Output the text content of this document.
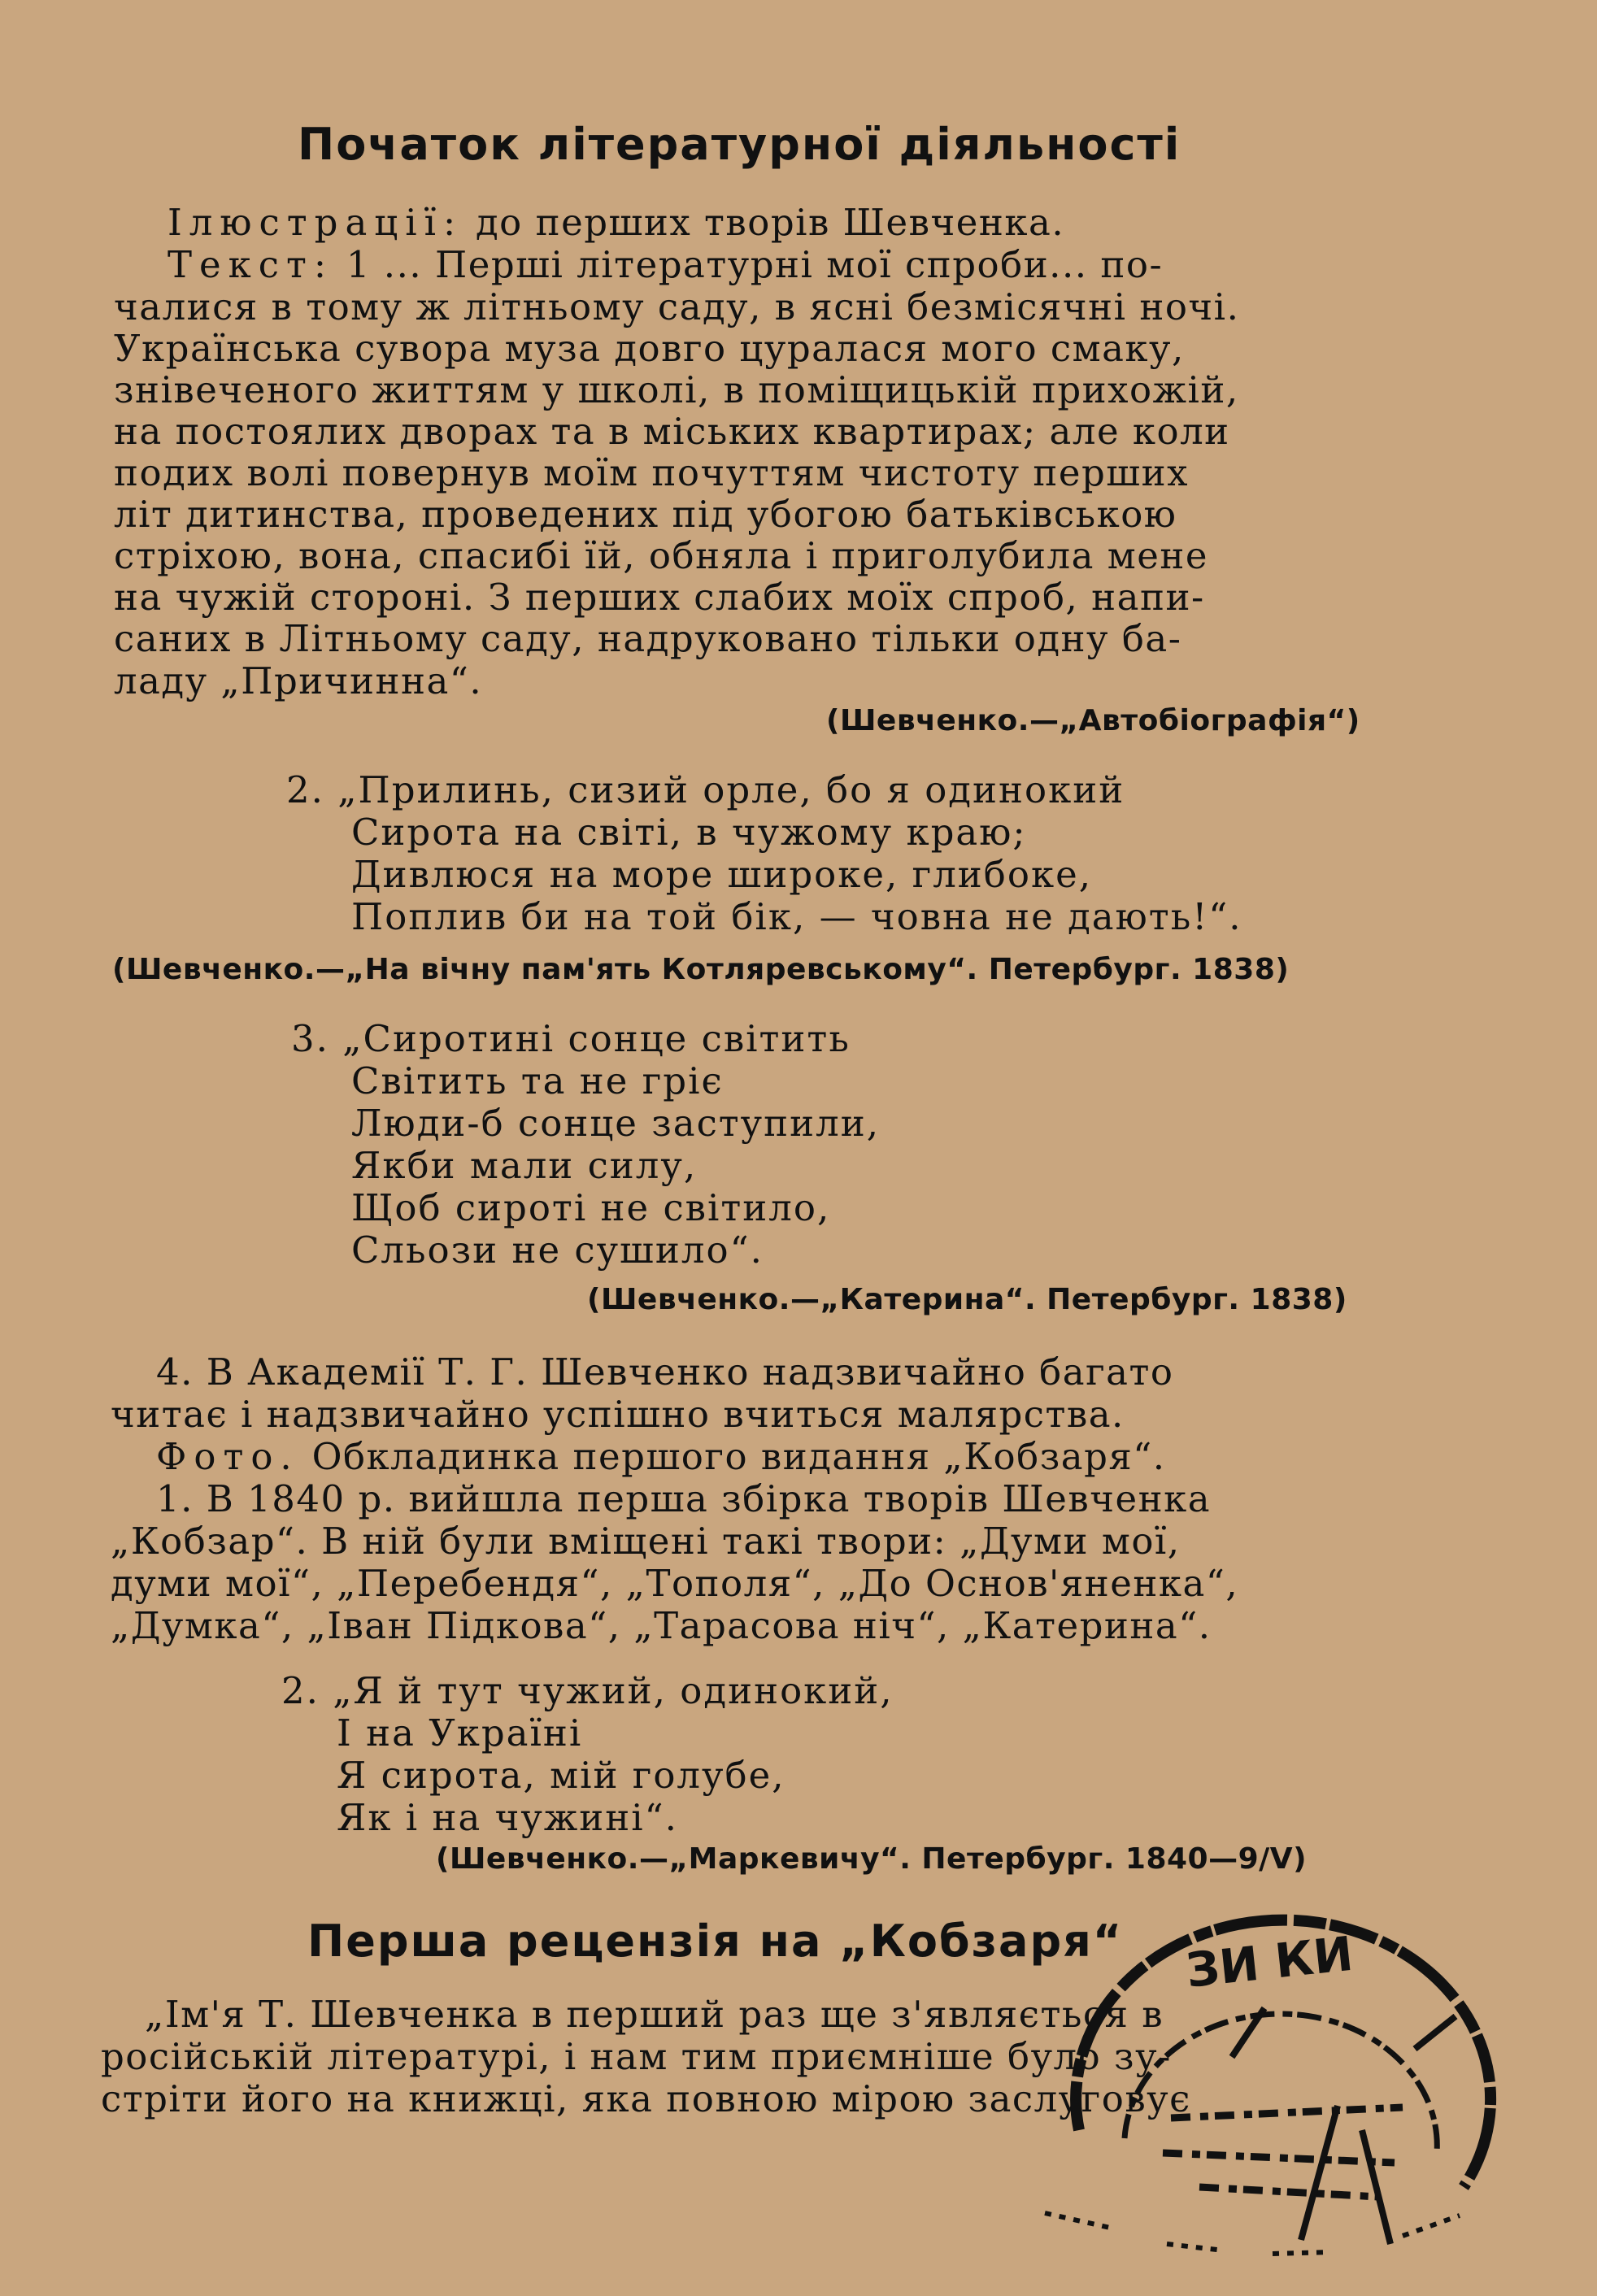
Початок літературної діяльності
Ілюстрації: до перших творів Шевченка.
Текст: 1 ... Перші літературні мої спроби... по-
чалися в тому ж літньому саду, в ясні безмісячні ночі.
Українська сувора муза довго цуралася мого смаку,
знівеченого життям у школі, в поміщицькій прихожій,
на постоялих дворах та в міських квартирах; але коли
подих волі повернув моїм почуттям чистоту перших
літ дитинства, проведених під убогою батьківською
стріхою, вона, спасибі їй, обняла і приголубила мене
на чужій стороні. З перших слабих моїх спроб, напи-
саних в Літньому саду, надруковано тільки одну ба-
ладу „Причинна“.
(Шевченко.—„Автобіографія“)
2. „Прилинь, сизий орле, бо я одинокий
Сирота на світі, в чужому краю;
Дивлюся на море широке, глибоке,
Поплив би на той бік, — човна не дають!“.
(Шевченко.—„На вічну пам'ять Котляревському“. Петербург. 1838)
3. „Сиротині сонце світить
Світить та не гріє
Люди-б сонце заступили,
Якби мали силу,
Щоб сироті не світило,
Сльози не сушило“.
(Шевченко.—„Катерина“. Петербург. 1838)
4. В Академії Т. Г. Шевченко надзвичайно багато
читає і надзвичайно успішно вчиться малярства.
Фото. Обкладинка першого видання „Кобзаря“.
1. В 1840 р. вийшла перша збірка творів Шевченка
„Кобзар“. В ній були вміщені такі твори: „Думи мої,
думи мої“, „Перебендя“, „Тополя“, „До Основ'яненка“,
„Думка“, „Іван Підкова“, „Тарасова ніч“, „Катерина“.
2. „Я й тут чужий, одинокий,
І на Україні
Я сирота, мій голубе,
Як і на чужині“.
(Шевченко.—„Маркевичу“. Петербург. 1840—9/V)
Перша рецензія на „Кобзаря“
„Ім'я Т. Шевченка в перший раз ще з'являється в
російській літературі, і нам тим приємніше було зу-
стріти його на книжці, яка повною мірою заслуговує
ЗИ КИ
